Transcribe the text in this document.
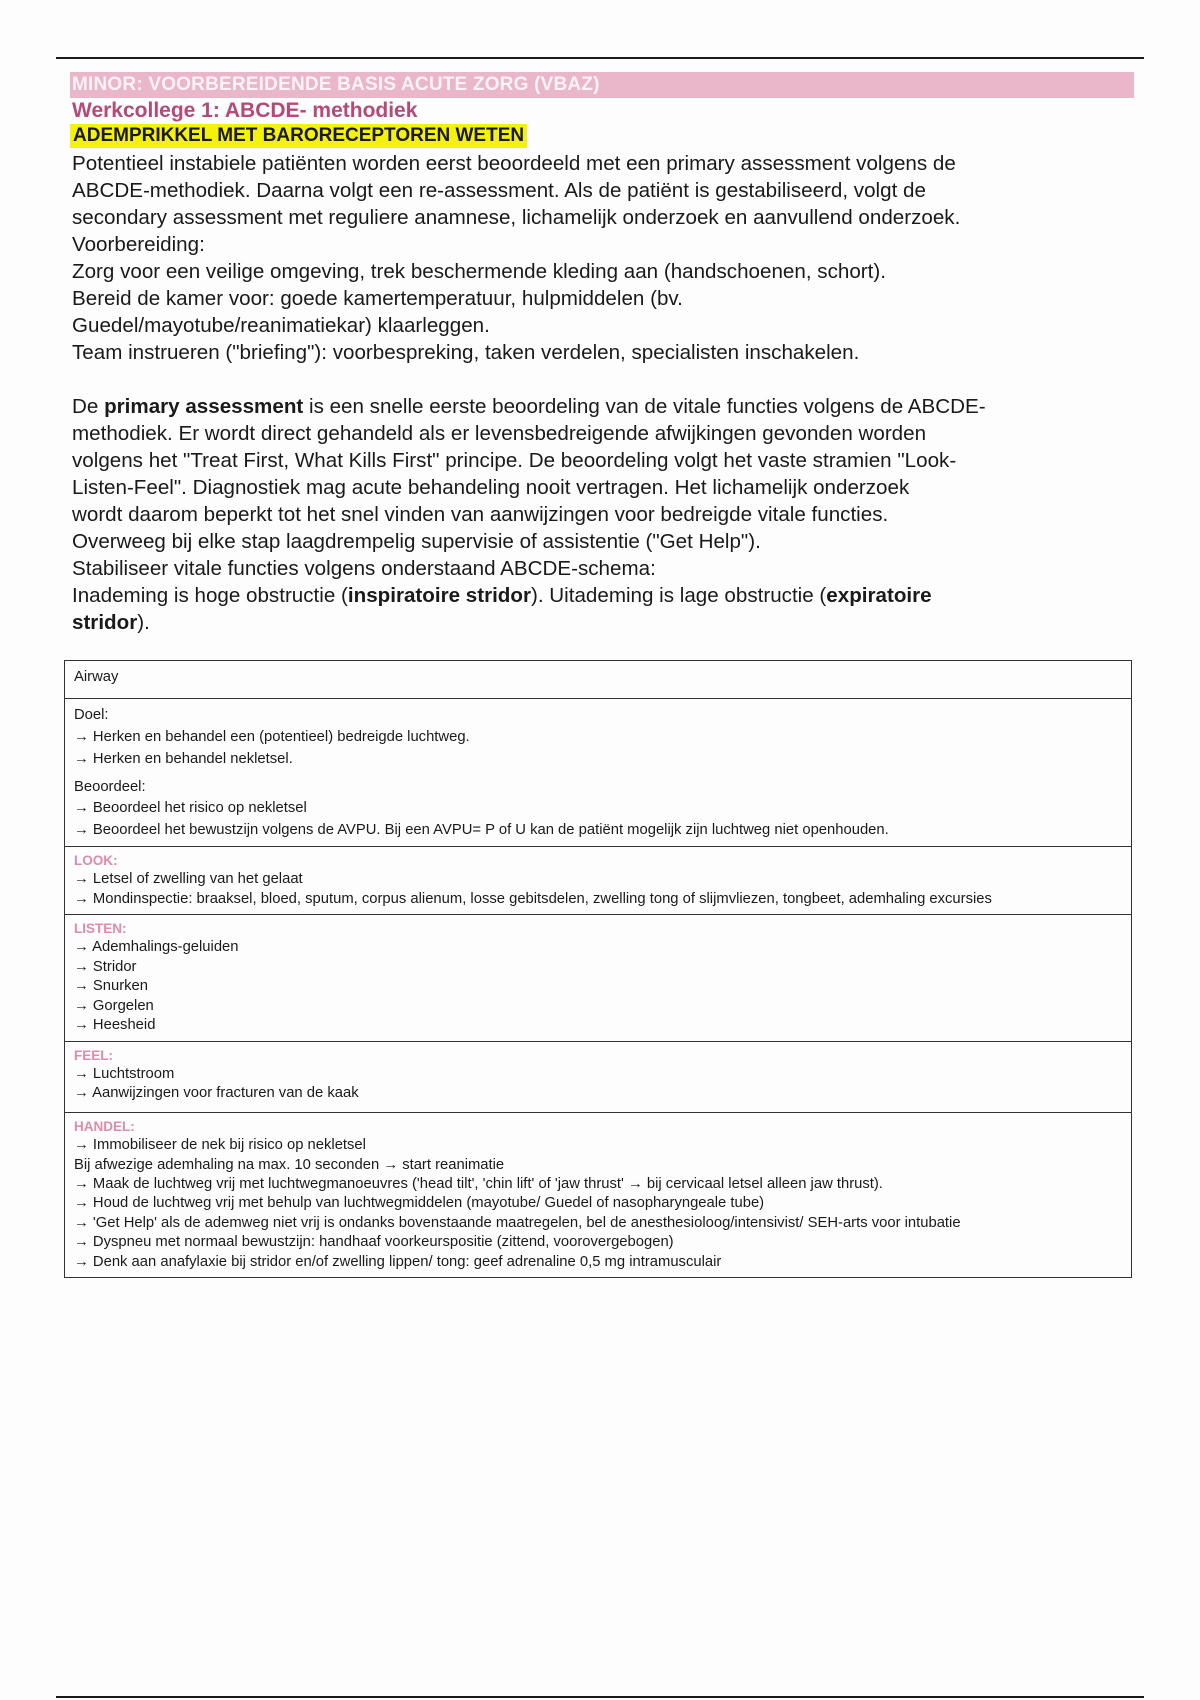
MINOR: VOORBEREIDENDE BASIS ACUTE ZORG (VBAZ)
Werkcollege 1: ABCDE- methodiek
ADEMPRIKKEL MET BARORECEPTOREN WETEN

Potentieel instabiele patiënten worden eerst beoordeeld met een primary assessment volgens de

ABCDE-methodiek. Daarna volgt een re-assessment. Als de patiënt is gestabiliseerd, volgt de

secondary assessment met reguliere anamnese, lichamelijk onderzoek en aanvullend onderzoek.

Voorbereiding:

Zorg voor een veilige omgeving, trek beschermende kleding aan (handschoenen, schort).

Bereid de kamer voor: goede kamertemperatuur, hulpmiddelen (bv.

Guedel/mayotube/reanimatiekar) klaarleggen.

Team instrueren ("briefing"): voorbespreking, taken verdelen, specialisten inschakelen.

De primary assessment is een snelle eerste beoordeling van de vitale functies volgens de ABCDE-

methodiek. Er wordt direct gehandeld als er levensbedreigende afwijkingen gevonden worden

volgens het "Treat First, What Kills First" principe. De beoordeling volgt het vaste stramien "Look-

Listen-Feel". Diagnostiek mag acute behandeling nooit vertragen. Het lichamelijk onderzoek

wordt daarom beperkt tot het snel vinden van aanwijzingen voor bedreigde vitale functies.

Overweeg bij elke stap laagdrempelig supervisie of assistentie ("Get Help").

Stabiliseer vitale functies volgens onderstaand ABCDE-schema:

Inademing is hoge obstructie (inspiratoire stridor). Uitademing is lage obstructie (expiratoire

stridor).

Airway

Doel:

→ Herken en behandel een (potentieel) bedreigde luchtweg.

→ Herken en behandel nekletsel.

Beoordeel:

→ Beoordeel het risico op nekletsel

→ Beoordeel het bewustzijn volgens de AVPU. Bij een AVPU= P of U kan de patiënt mogelijk zijn luchtweg niet openhouden.

LOOK:

→ Letsel of zwelling van het gelaat

→ Mondinspectie: braaksel, bloed, sputum, corpus alienum, losse gebitsdelen, zwelling tong of slijmvliezen, tongbeet, ademhaling excursies

LISTEN:

→ Ademhalings-geluiden

→ Stridor

→ Snurken

→ Gorgelen

→ Heesheid

FEEL:

→ Luchtstroom

→ Aanwijzingen voor fracturen van de kaak

HANDEL:

→ Immobiliseer de nek bij risico op nekletsel

Bij afwezige ademhaling na max. 10 seconden → start reanimatie

→ Maak de luchtweg vrij met luchtwegmanoeuvres ('head tilt', 'chin lift' of 'jaw thrust' → bij cervicaal letsel alleen jaw thrust).

→ Houd de luchtweg vrij met behulp van luchtwegmiddelen (mayotube/ Guedel of nasopharyngeale tube)

→ 'Get Help' als de ademweg niet vrij is ondanks bovenstaande maatregelen, bel de anesthesioloog/intensivist/ SEH-arts voor intubatie

→ Dyspneu met normaal bewustzijn: handhaaf voorkeurspositie (zittend, voorovergebogen)

→ Denk aan anafylaxie bij stridor en/of zwelling lippen/ tong: geef adrenaline 0,5 mg intramusculair
